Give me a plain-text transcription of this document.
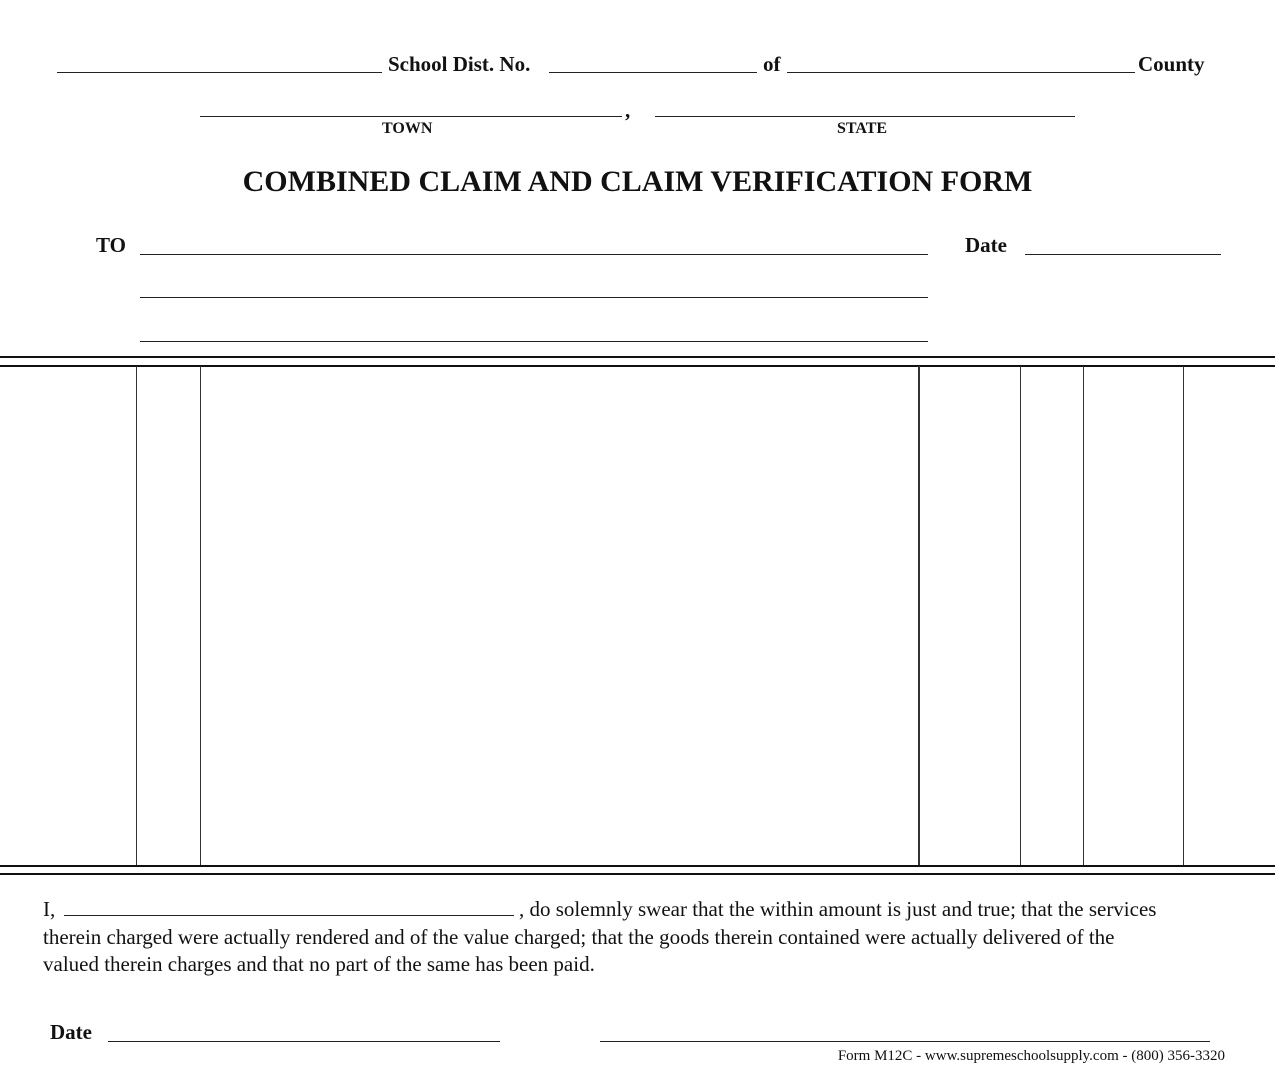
School Dist. No.	of	County
,
TOWN	STATE
COMBINED CLAIM AND CLAIM VERIFICATION FORM
TO	Date
I,	, do solemnly swear that the within amount is just and true; that the services
therein charged were actually rendered and of the value charged; that the goods therein contained were actually delivered of the
valued therein charges and that no part of the same has been paid.
Date
Form M12C - www.supremeschoolsupply.com - (800) 356-3320
